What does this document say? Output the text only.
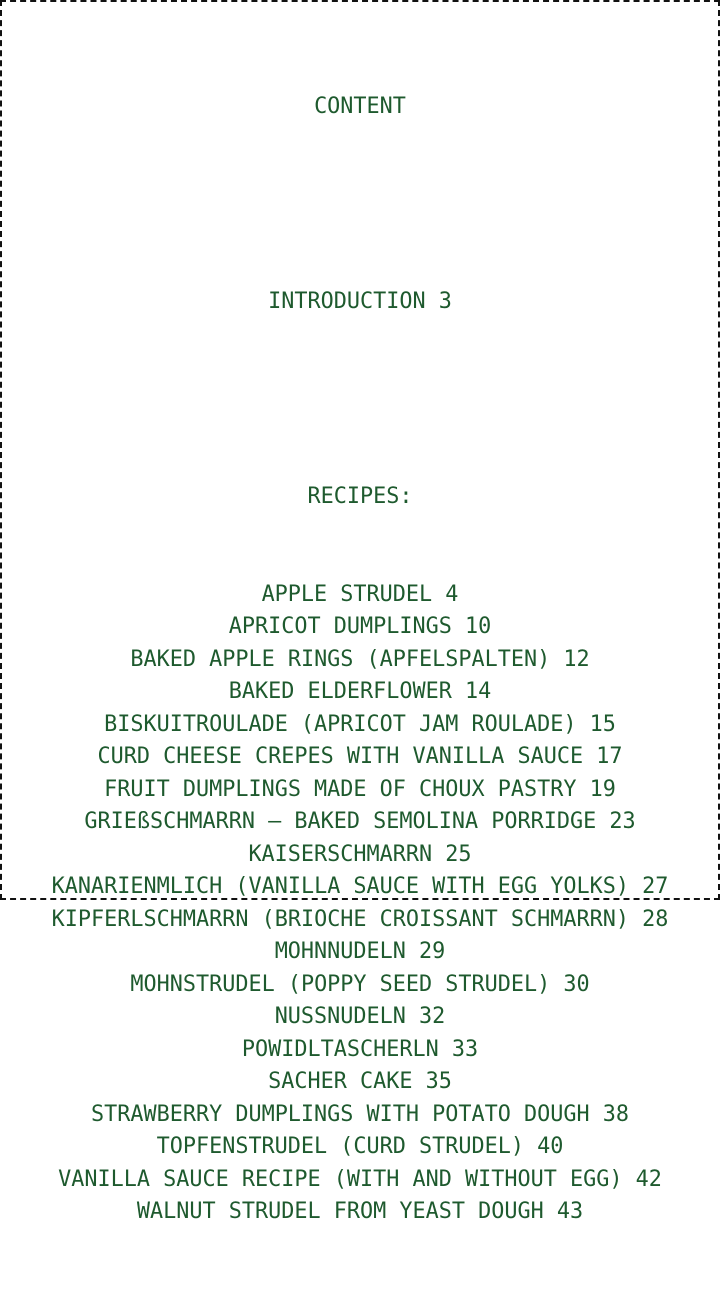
CONTENT

INTRODUCTION 3

RECIPES:

APPLE STRUDEL 4
APRICOT DUMPLINGS 10
BAKED APPLE RINGS (APFELSPALTEN) 12
BAKED ELDERFLOWER 14
BISKUITROULADE (APRICOT JAM ROULADE) 15
CURD CHEESE CREPES WITH VANILLA SAUCE 17
FRUIT DUMPLINGS MADE OF CHOUX PASTRY 19
GRIEßSCHMARRN – BAKED SEMOLINA PORRIDGE 23
KAISERSCHMARRN 25
KANARIENMLICH (VANILLA SAUCE WITH EGG YOLKS) 27
KIPFERLSCHMARRN (BRIOCHE CROISSANT SCHMARRN) 28
MOHNNUDELN 29
MOHNSTRUDEL (POPPY SEED STRUDEL) 30
NUSSNUDELN 32
POWIDLTASCHERLN 33
SACHER CAKE 35
STRAWBERRY DUMPLINGS WITH POTATO DOUGH 38
TOPFENSTRUDEL (CURD STRUDEL) 40
VANILLA SAUCE RECIPE (WITH AND WITHOUT EGG) 42
WALNUT STRUDEL FROM YEAST DOUGH 43
